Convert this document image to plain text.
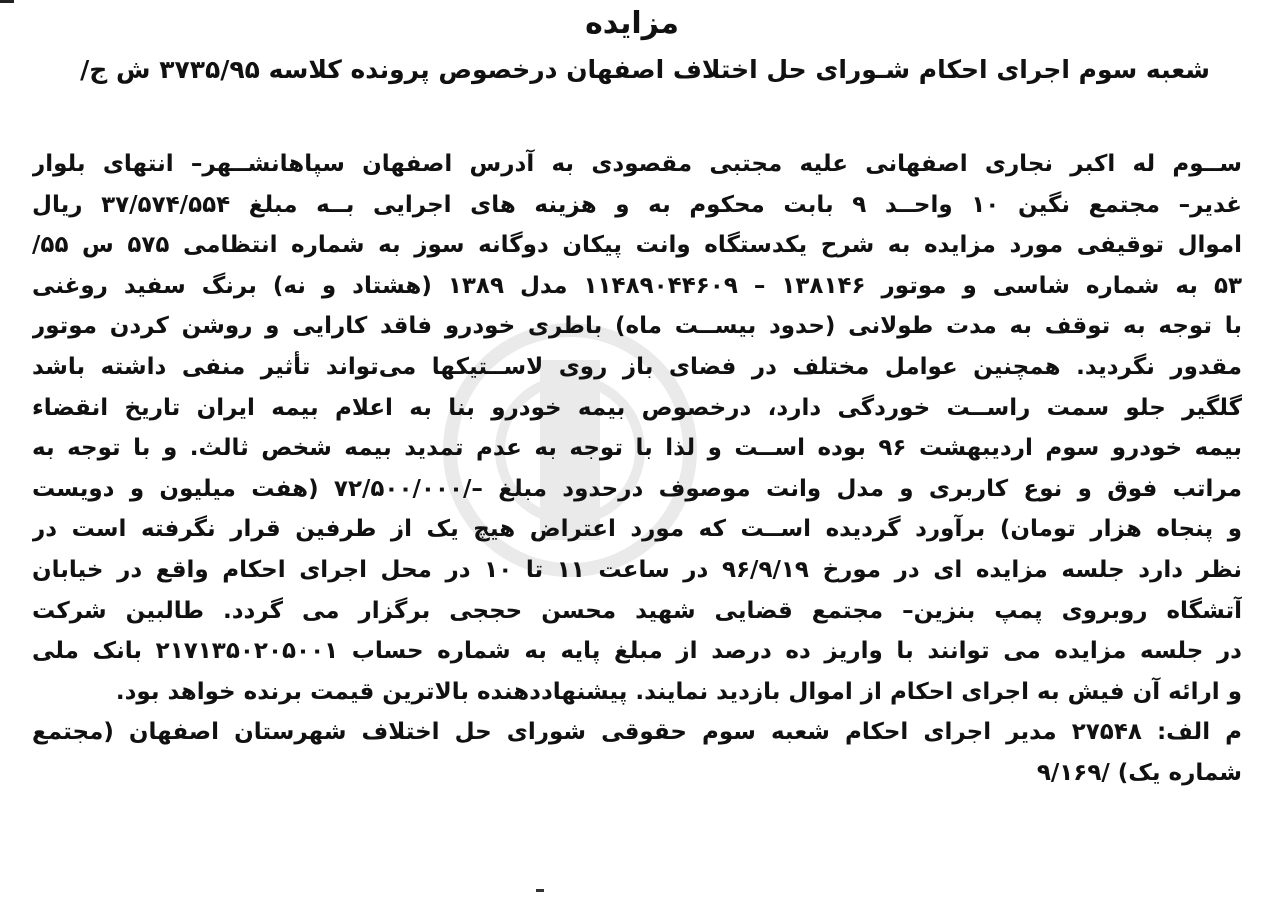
مزایده
شعبه سوم اجرای احکام شـورای حل اختلاف اصفهان درخصوص پرونده کلاسه ۳۷۳۵/۹۵ ش ج/
ســوم له اکبر نجاری اصفهانی علیه مجتبی مقصودی به آدرس اصفهان سپاهانشــهر– انتهای بلوار
غدیر– مجتمع نگین ۱۰ واحــد ۹ بابت محکوم به و هزینه های اجرایی بــه مبلغ ۳۷/۵۷۴/۵۵۴ ریال
اموال توقیفی مورد مزایده به شرح یکدستگاه وانت پیکان دوگانه سوز به شماره انتظامی ۵۷۵ س ۵۵/
۵۳ به شماره شاسی و موتور ۱۳۸۱۴۶ – ۱۱۴۸۹۰۴۴۶۰۹ مدل ۱۳۸۹ (هشتاد و نه) برنگ سفید روغنی
با توجه به توقف به مدت طولانی (حدود بیســت ماه) باطری خودرو فاقد کارایی و روشن کردن موتور
مقدور نگردید. همچنین عوامل مختلف در فضای باز روی لاســتیکها می‌تواند تأثیر منفی داشته باشد
گلگیر جلو سمت راســت خوردگی دارد، درخصوص بیمه خودرو بنا به اعلام بیمه ایران تاریخ انقضاء
بیمه خودرو سوم اردیبهشت ۹۶ بوده اســت و لذا با توجه به عدم تمدید بیمه شخص ثالث. و با توجه به
مراتب فوق و نوع کاربری و مدل وانت موصوف درحدود مبلغ –/۷۲/۵۰۰/۰۰۰ (هفت میلیون و دویست
و پنجاه هزار تومان) برآورد گردیده اســت که مورد اعتراض هیچ یک از طرفین قرار نگرفته است در
نظر دارد جلسه مزایده ای در مورخ ۹۶/۹/۱۹ در ساعت ۱۱ تا ۱۰ در محل اجرای احکام واقع در خیابان
آتشگاه روبروی پمپ بنزین– مجتمع قضایی شهید محسن حججی برگزار می گردد. طالبین شرکت
در جلسه مزایده می توانند با واریز ده درصد از مبلغ پایه به شماره حساب ۲۱۷۱۳۵۰۲۰۵۰۰۱ بانک ملی
و ارائه آن فیش به اجرای احکام از اموال بازدید نمایند. پیشنهاددهنده بالاترین قیمت برنده خواهد بود.
م الف: ۲۷۵۴۸ مدیر اجرای احکام شعبه سوم حقوقی شورای حل اختلاف شهرستان اصفهان (مجتمع
شماره یک) /۹/۱۶۹
